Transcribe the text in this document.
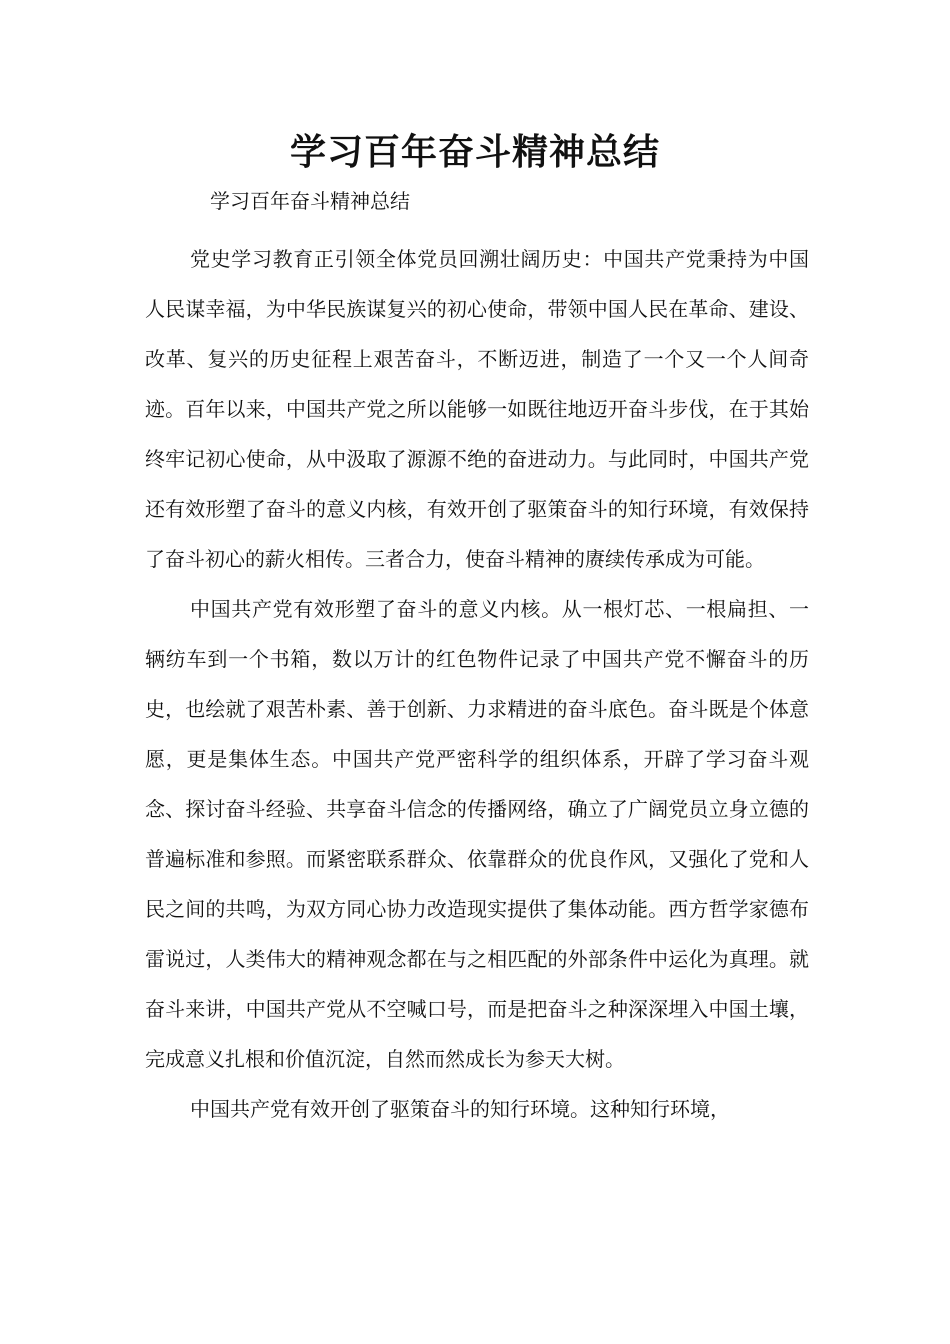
学习百年奋斗精神总结

学习百年奋斗精神总结

党史学习教育正引领全体党员回溯壮阔历史：中国共产党秉持为中国人民谋幸福，为中华民族谋复兴的初心使命，带领中国人民在革命、建设、改革、复兴的历史征程上艰苦奋斗，不断迈进，制造了一个又一个人间奇迹。百年以来，中国共产党之所以能够一如既往地迈开奋斗步伐，在于其始终牢记初心使命，从中汲取了源源不绝的奋进动力。与此同时，中国共产党还有效形塑了奋斗的意义内核，有效开创了驱策奋斗的知行环境，有效保持了奋斗初心的薪火相传。三者合力，使奋斗精神的赓续传承成为可能。

中国共产党有效形塑了奋斗的意义内核。从一根灯芯、一根扁担、一辆纺车到一个书箱，数以万计的红色物件记录了中国共产党不懈奋斗的历史，也绘就了艰苦朴素、善于创新、力求精进的奋斗底色。奋斗既是个体意愿，更是集体生态。中国共产党严密科学的组织体系，开辟了学习奋斗观念、探讨奋斗经验、共享奋斗信念的传播网络，确立了广阔党员立身立德的普遍标准和参照。而紧密联系群众、依靠群众的优良作风，又强化了党和人民之间的共鸣，为双方同心协力改造现实提供了集体动能。西方哲学家德布雷说过，人类伟大的精神观念都在与之相匹配的外部条件中运化为真理。就奋斗来讲，中国共产党从不空喊口号，而是把奋斗之种深深埋入中国土壤，完成意义扎根和价值沉淀，自然而然成长为参天大树。

中国共产党有效开创了驱策奋斗的知行环境。这种知行环境，
